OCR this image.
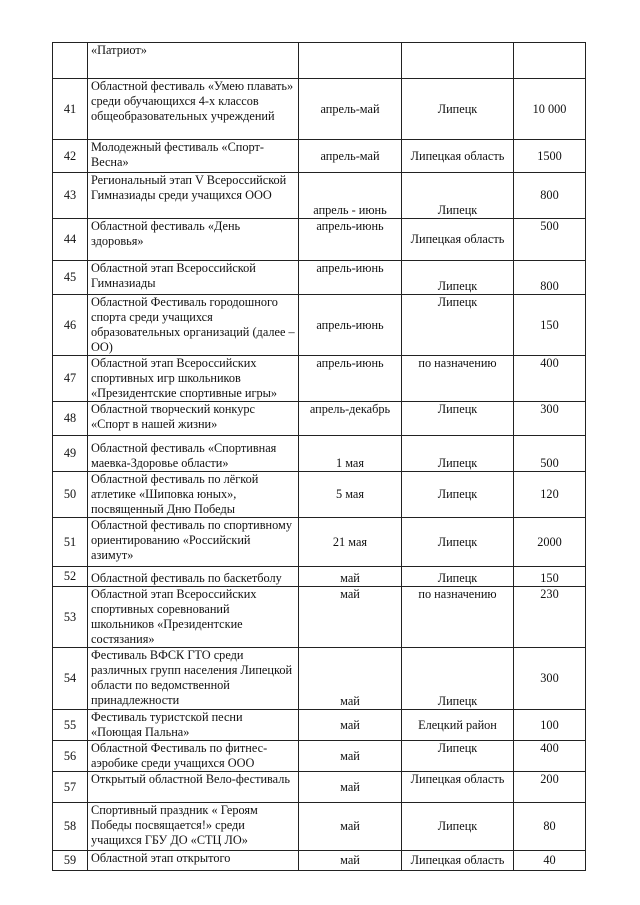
	«Патриот»			
41	Областной фестиваль «Умею плавать» среди обучающихся 4-х классов общеобразовательных учреждений	апрель-май	Липецк	10 000
42	Молодежный фестиваль «Спорт-Весна»	апрель-май	Липецкая область	1500
43	Региональный этап V Всероссийской Гимназиады среди учащихся ООО	апрель - июнь	Липецк	800
44	Областной фестиваль «День здоровья»	апрель-июнь	Липецкая область	500
45	Областной этап Всероссийской Гимназиады	апрель-июнь	Липецк	800
46	Областной Фестиваль городошного спорта среди учащихся образовательных организаций (далее – ОО)	апрель-июнь	Липецк	150
47	Областной этап Всероссийских спортивных игр школьников «Президентские спортивные игры»	апрель-июнь	по назначению	400
48	Областной творческий конкурс «Спорт в нашей жизни»	апрель-декабрь	Липецк	300
49	Областной фестиваль «Спортивная маевка-Здоровье области»	1 мая	Липецк	500
50	Областной фестиваль по лёгкой атлетике «Шиповка юных», посвященный Дню Победы	5 мая	Липецк	120
51	Областной фестиваль по спортивному ориентированию «Российский азимут»	21 мая	Липецк	2000
52	Областной фестиваль по баскетболу	май	Липецк	150
53	Областной этап Всероссийских спортивных соревнований школьников «Президентские состязания»	май	по назначению	230
54	Фестиваль ВФСК ГТО среди различных групп населения Липецкой области по ведомственной принадлежности	май	Липецк	300
55	Фестиваль туристской песни «Поющая Пальна»	май	Елецкий район	100
56	Областной Фестиваль по фитнес-аэробике среди учащихся ООО	май	Липецк	400
57	Открытый областной Вело-фестиваль	май	Липецкая область	200
58	Спортивный праздник « Героям Победы посвящается!» среди учащихся ГБУ ДО «СТЦ ЛО»	май	Липецк	80
59	Областной этап открытого	май	Липецкая область	40
